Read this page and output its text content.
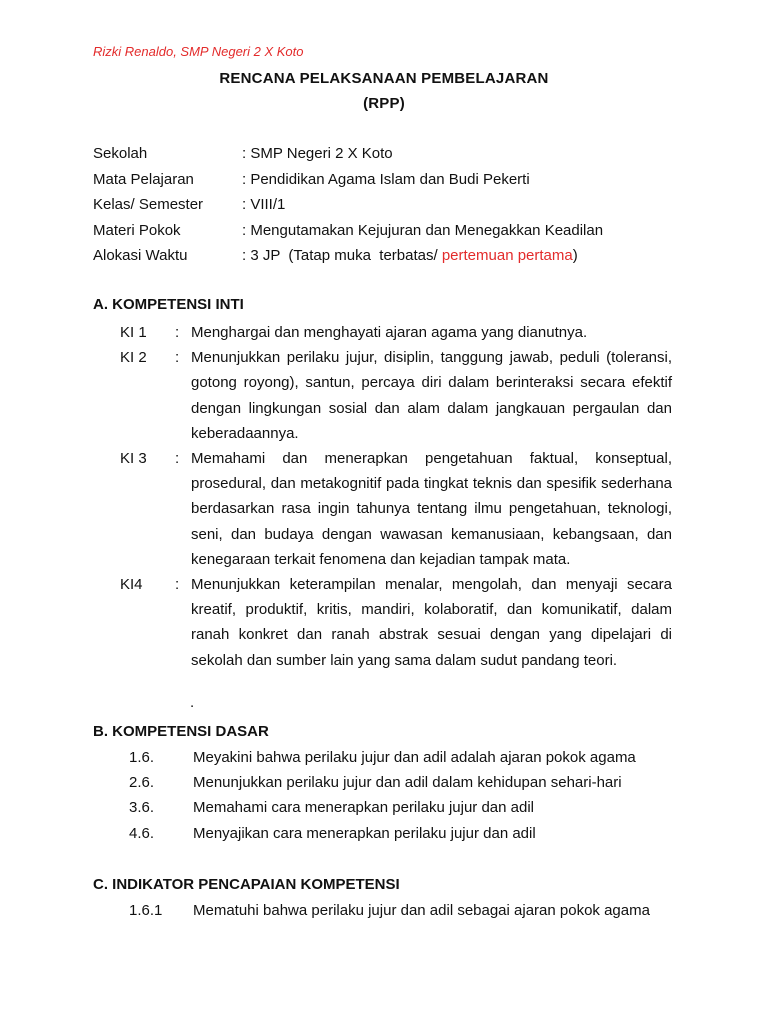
Rizki Renaldo, SMP Negeri 2 X Koto
RENCANA PELAKSANAAN PEMBELAJARAN
(RPP)
Sekolah	: SMP Negeri 2 X Koto
Mata Pelajaran	: Pendidikan Agama Islam dan Budi Pekerti
Kelas/ Semester	: VIII/1
Materi Pokok	: Mengutamakan Kejujuran dan Menegakkan Keadilan
Alokasi Waktu	: 3 JP  (Tatap muka  terbatas/ pertemuan pertama)
A. KOMPETENSI INTI
KI 1	: Menghargai dan menghayati ajaran agama yang dianutnya.
KI 2	: Menunjukkan perilaku jujur, disiplin, tanggung jawab, peduli (toleransi, gotong royong), santun, percaya diri dalam berinteraksi secara efektif dengan lingkungan sosial dan alam dalam jangkauan pergaulan dan keberadaannya.
KI 3	: Memahami dan menerapkan pengetahuan faktual, konseptual, prosedural, dan metakognitif pada tingkat teknis dan spesifik sederhana berdasarkan rasa ingin tahunya tentang ilmu pengetahuan, teknologi, seni, dan budaya dengan wawasan kemanusiaan, kebangsaan, dan kenegaraan terkait fenomena dan kejadian tampak mata.
KI4	: Menunjukkan keterampilan menalar, mengolah, dan menyaji secara kreatif, produktif, kritis, mandiri, kolaboratif, dan komunikatif, dalam ranah konkret dan ranah abstrak sesuai dengan yang dipelajari di sekolah dan sumber lain yang sama dalam sudut pandang teori.
.
B. KOMPETENSI DASAR
1.6.	Meyakini bahwa perilaku jujur dan adil adalah ajaran pokok agama
2.6.	Menunjukkan perilaku jujur dan adil dalam kehidupan sehari-hari
3.6.	Memahami cara menerapkan perilaku jujur dan adil
4.6.	Menyajikan cara menerapkan perilaku jujur dan adil
C. INDIKATOR PENCAPAIAN KOMPETENSI
1.6.1	Mematuhi bahwa perilaku jujur dan adil sebagai ajaran pokok agama
